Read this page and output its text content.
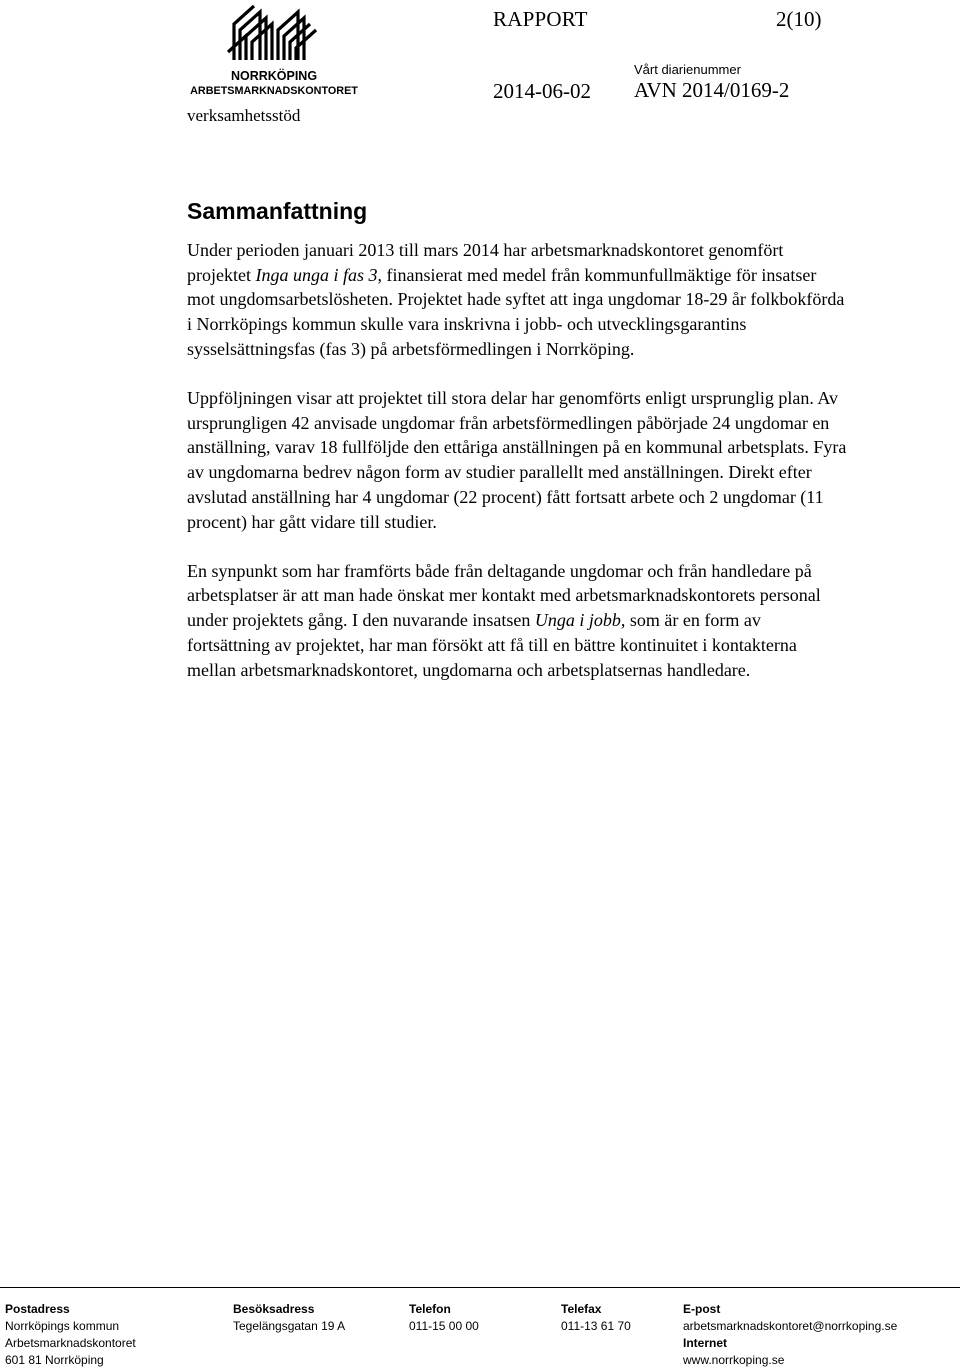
NORRKÖPING
ARBETSMARKNADSKONTORET
RAPPORT	2(10)
Vårt diarienummer
2014-06-02 AVN 2014/0169-2
verksamhetsstöd
Sammanfattning

Under perioden januari 2013 till mars 2014 har arbetsmarknadskontoret genomfört projektet Inga unga i fas 3, finansierat med medel från kommunfullmäktige för insatser mot ungdomsarbetslösheten. Projektet hade syftet att inga ungdomar 18-29 år folkbokförda i Norrköpings kommun skulle vara inskrivna i jobb- och utvecklingsgarantins sysselsättningsfas (fas 3) på arbetsförmedlingen i Norrköping.

Uppföljningen visar att projektet till stora delar har genomförts enligt ursprunglig plan. Av ursprungligen 42 anvisade ungdomar från arbetsförmedlingen påbörjade 24 ungdomar en anställning, varav 18 fullföljde den ettåriga anställningen på en kommunal arbetsplats. Fyra av ungdomarna bedrev någon form av studier parallellt med anställningen. Direkt efter avslutad anställning har 4 ungdomar (22 procent) fått fortsatt arbete och 2 ungdomar (11 procent) har gått vidare till studier.

En synpunkt som har framförts både från deltagande ungdomar och från handledare på arbetsplatser är att man hade önskat mer kontakt med arbetsmarknadskontorets personal under projektets gång. I den nuvarande insatsen Unga i jobb, som är en form av fortsättning av projektet, har man försökt att få till en bättre kontinuitet i kontakterna mellan arbetsmarknadskontoret, ungdomarna och arbetsplatsernas handledare.

Postadress
Norrköpings kommun
Arbetsmarknadskontoret
601 81 Norrköping
Besöksadress
Tegelängsgatan 19 A
Telefon
011-15 00 00
Telefax
011-13 61 70
E-post
arbetsmarknadskontoret@norrkoping.se
Internet
www.norrkoping.se
